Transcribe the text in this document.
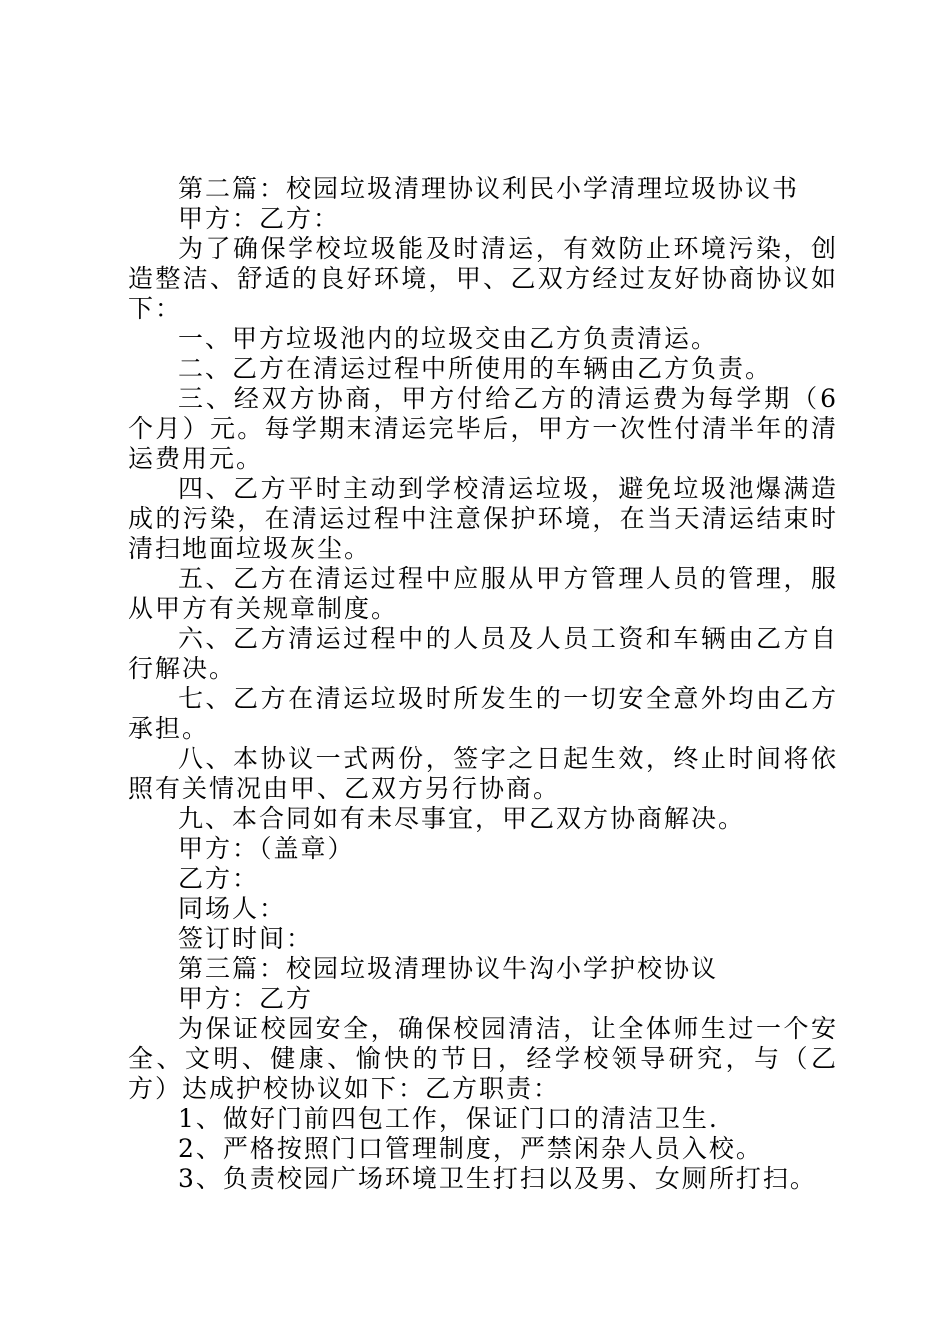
第二篇：校园垃圾清理协议利民小学清理垃圾协议书

甲方：乙方：

为了确保学校垃圾能及时清运，有效防止环境污染，创造整洁、舒适的良好环境，甲、乙双方经过友好协商协议如下：

一、甲方垃圾池内的垃圾交由乙方负责清运。

二、乙方在清运过程中所使用的车辆由乙方负责。

三、经双方协商，甲方付给乙方的清运费为每学期（6个月）元。每学期末清运完毕后，甲方一次性付清半年的清运费用元。

四、乙方平时主动到学校清运垃圾，避免垃圾池爆满造成的污染，在清运过程中注意保护环境，在当天清运结束时清扫地面垃圾灰尘。

五、乙方在清运过程中应服从甲方管理人员的管理，服从甲方有关规章制度。

六、乙方清运过程中的人员及人员工资和车辆由乙方自行解决。

七、乙方在清运垃圾时所发生的一切安全意外均由乙方承担。

八、本协议一式两份，签字之日起生效，终止时间将依照有关情况由甲、乙双方另行协商。

九、本合同如有未尽事宜，甲乙双方协商解决。

甲方：（盖章）

乙方：

同场人：

签订时间：

第三篇：校园垃圾清理协议牛沟小学护校协议

甲方：乙方

为保证校园安全，确保校园清洁，让全体师生过一个安全、文明、健康、愉快的节日，经学校领导研究，与（乙方）达成护校协议如下：乙方职责：

1、做好门前四包工作，保证门口的清洁卫生.

2、严格按照门口管理制度，严禁闲杂人员入校。

3、负责校园广场环境卫生打扫以及男、女厕所打扫。
